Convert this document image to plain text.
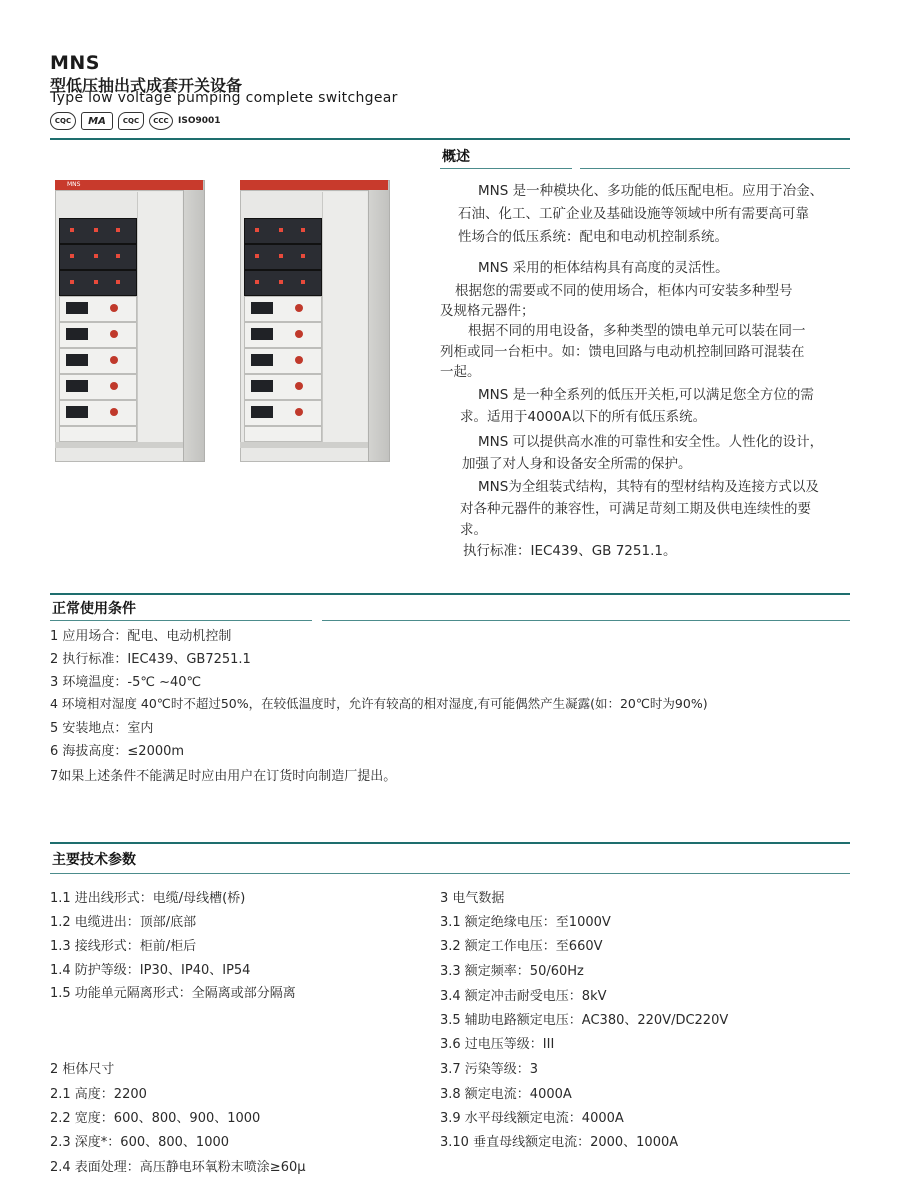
MNS
型低压抽出式成套开关设备
Type low voltage pumping complete switchgear
CQC	MA	CQC	CCC	ISO9001
MNS
概述
MNS 是一种模块化、多功能的低压配电柜。应用于冶金、
石油、化工、工矿企业及基础设施等领域中所有需要高可靠
性场合的低压系统：配电和电动机控制系统。
MNS 采用的柜体结构具有高度的灵活性。
根据您的需要或不同的使用场合，柜体内可安装多种型号
及规格元器件；
根据不同的用电设备，多种类型的馈电单元可以装在同一
列柜或同一台柜中。如：馈电回路与电动机控制回路可混装在
一起。
MNS 是一种全系列的低压开关柜,可以满足您全方位的需
求。适用于4000A以下的所有低压系统。
MNS 可以提供高水准的可靠性和安全性。人性化的设计，
加强了对人身和设备安全所需的保护。
MNS为全组装式结构，其特有的型材结构及连接方式以及
对各种元器件的兼容性，可满足苛刻工期及供电连续性的要
求。
执行标准：IEC439、GB 7251.1。
正常使用条件
1 应用场合：配电、电动机控制
2 执行标准：IEC439、GB7251.1
3 环境温度：-5℃ ~40℃
4 环境相对湿度 40℃时不超过50%，在较低温度时，允许有较高的相对湿度,有可能偶然产生凝露(如：20℃时为90%)
5 安装地点：室内
6 海拔高度：≤2000m
7如果上述条件不能满足时应由用户在订货时向制造厂提出。
主要技术参数
1.1 进出线形式：电缆/母线槽(桥)
1.2 电缆进出：顶部/底部
1.3 接线形式：柜前/柜后
1.4 防护等级：IP30、IP40、IP54
1.5 功能单元隔离形式：全隔离或部分隔离
2 柜体尺寸
2.1 高度：2200
2.2 宽度：600、800、900、1000
2.3 深度*：600、800、1000
2.4 表面处理：高压静电环氧粉末喷涂≥60μ
3 电气数据
3.1 额定绝缘电压：至1000V
3.2 额定工作电压：至660V
3.3 额定频率：50/60Hz
3.4 额定冲击耐受电压：8kV
3.5 辅助电路额定电压：AC380、220V/DC220V
3.6 过电压等级：III
3.7 污染等级：3
3.8 额定电流：4000A
3.9 水平母线额定电流：4000A
3.10 垂直母线额定电流：2000、1000A
